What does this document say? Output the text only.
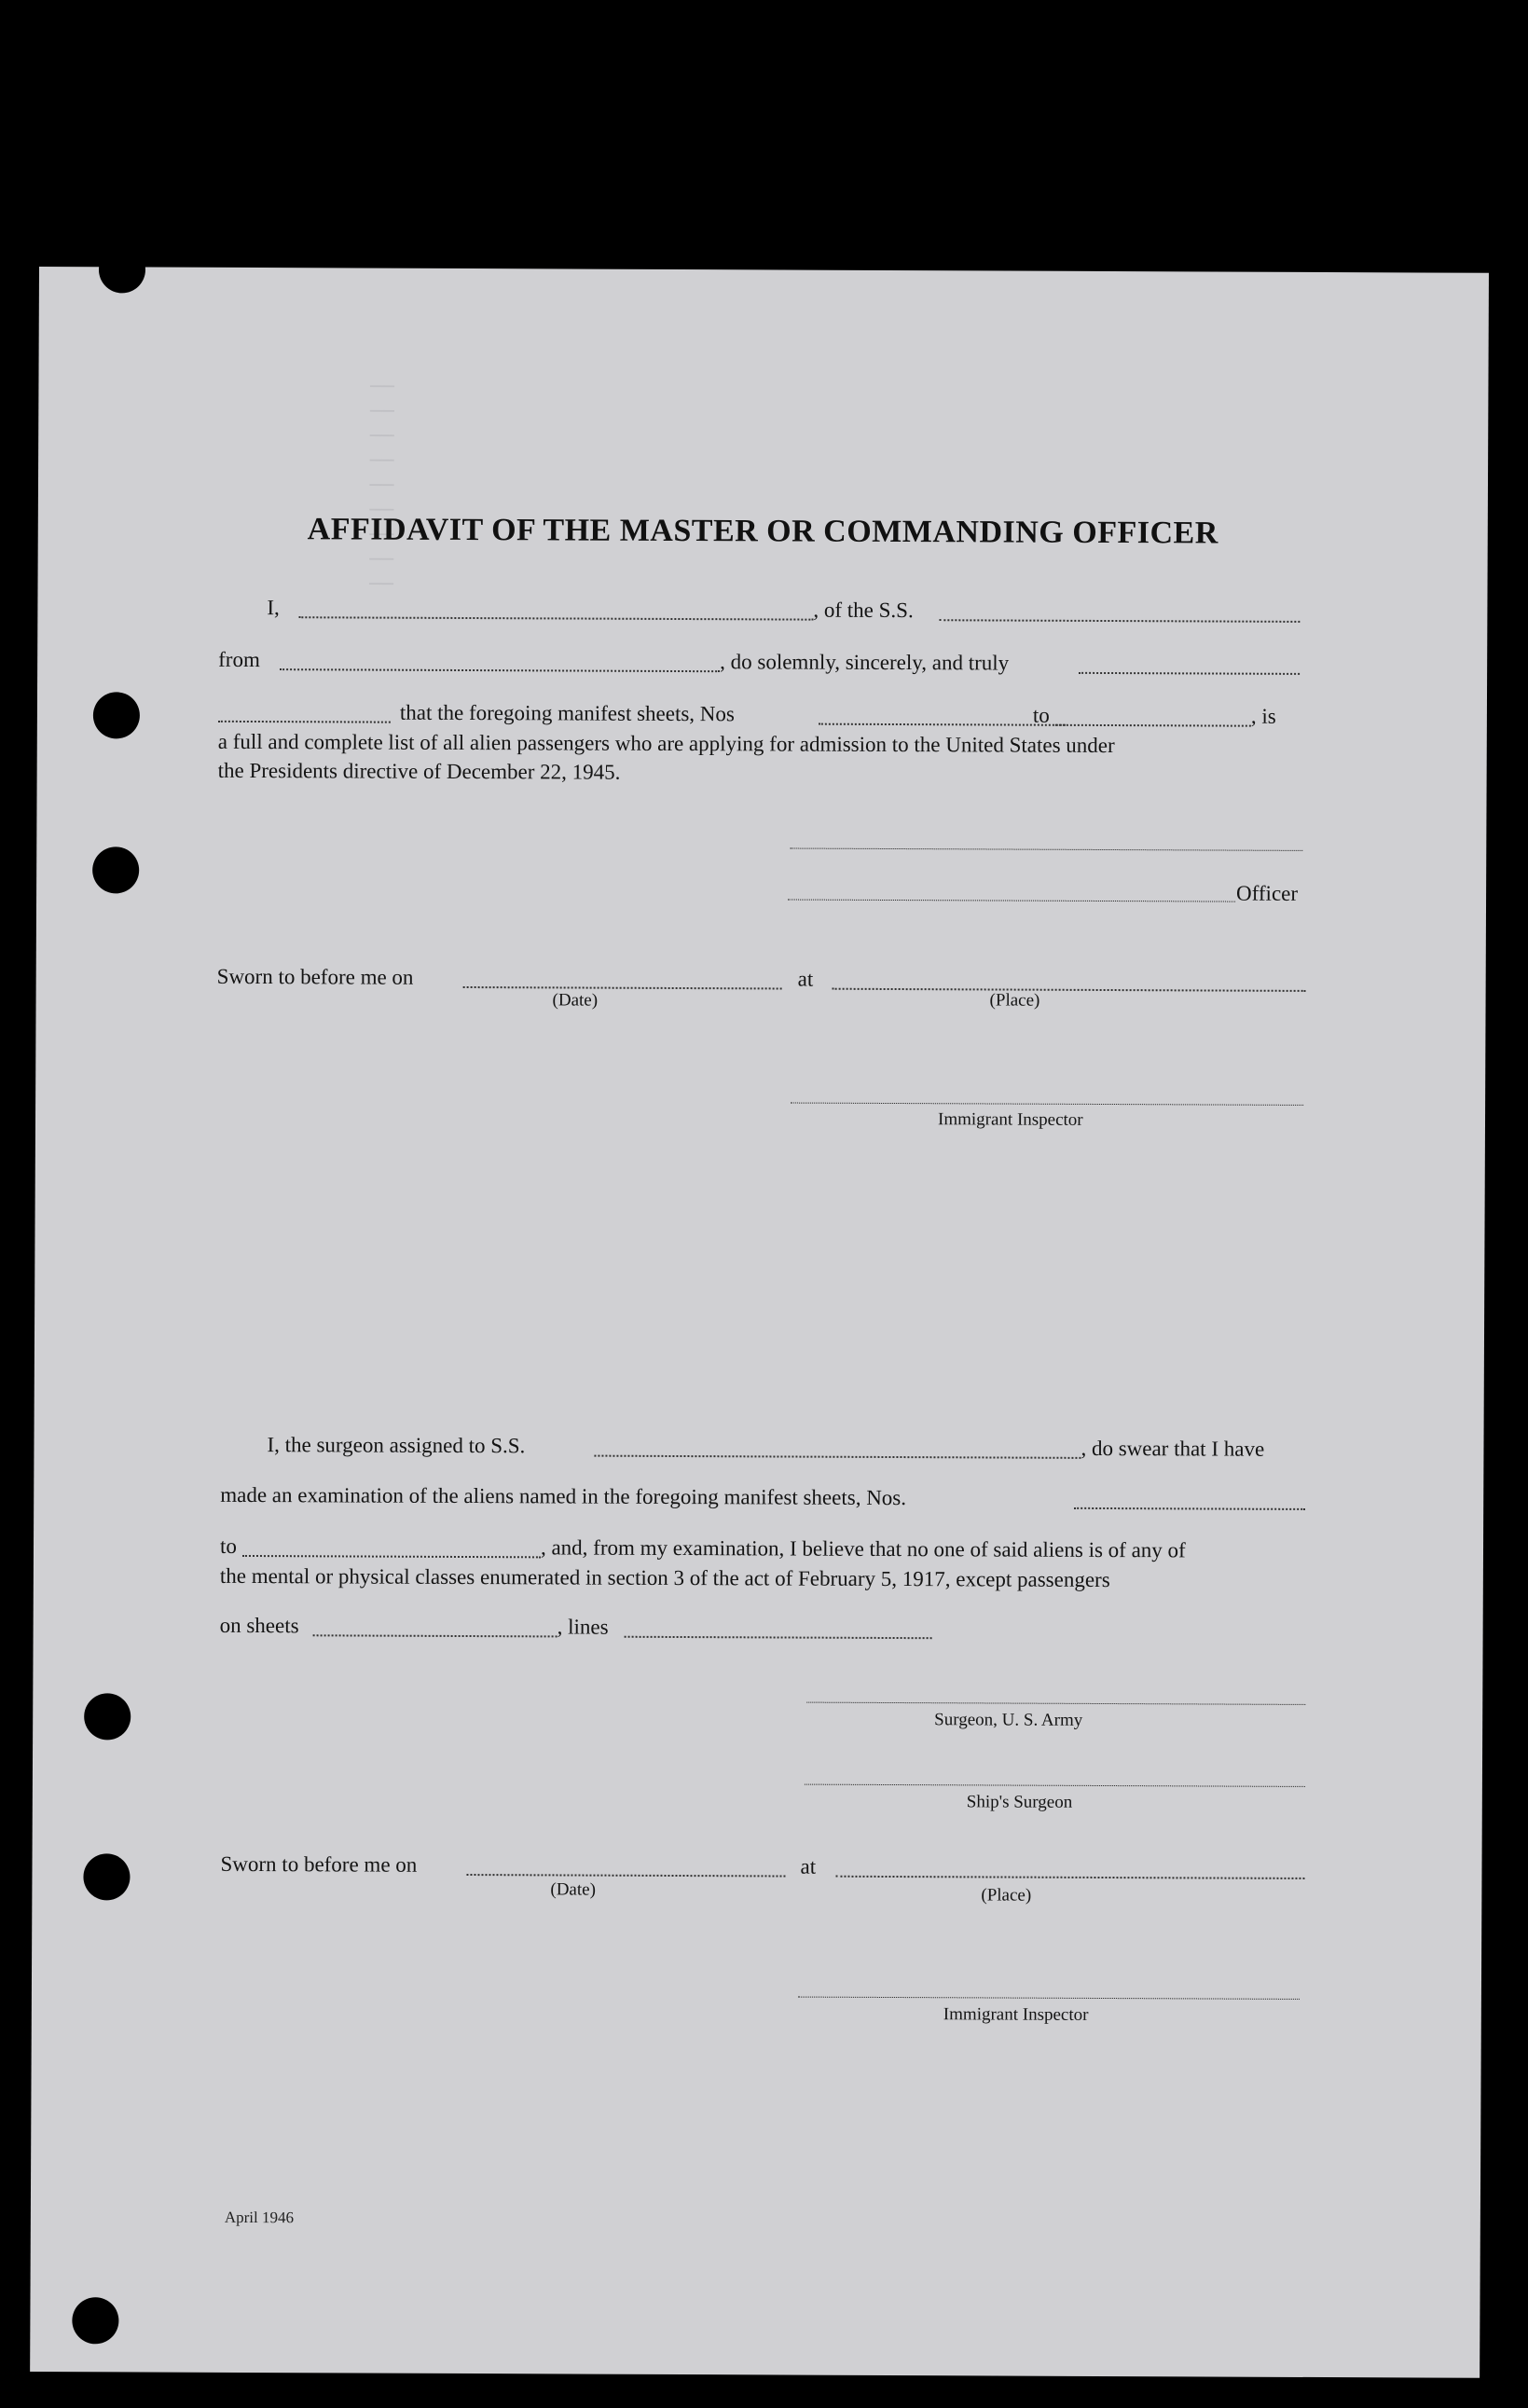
│ │ │ │ │ │ │ │ │
AFFIDAVIT OF THE MASTER OR COMMANDING OFFICER
I,	, of the S.S.
from	, do solemnly, sincerely, and truly
that the foregoing manifest sheets, Nos	to	, is
a full and complete list of all alien passengers who are applying for admission to the United States under
the Presidents directive of December 22, 1945.
Officer
Sworn to before me on	at
(Date)	(Place)
Immigrant Inspector
I, the surgeon assigned to S.S.	, do swear that I have
made an examination of the aliens named in the foregoing manifest sheets, Nos.
to	, and, from my examination, I believe that no one of said aliens is of any of
the mental or physical classes enumerated in section 3 of the act of February 5, 1917, except passengers
on sheets	, lines
Surgeon, U. S. Army
Ship's Surgeon
Sworn to before me on	at
(Date)	(Place)
Immigrant Inspector
April 1946
